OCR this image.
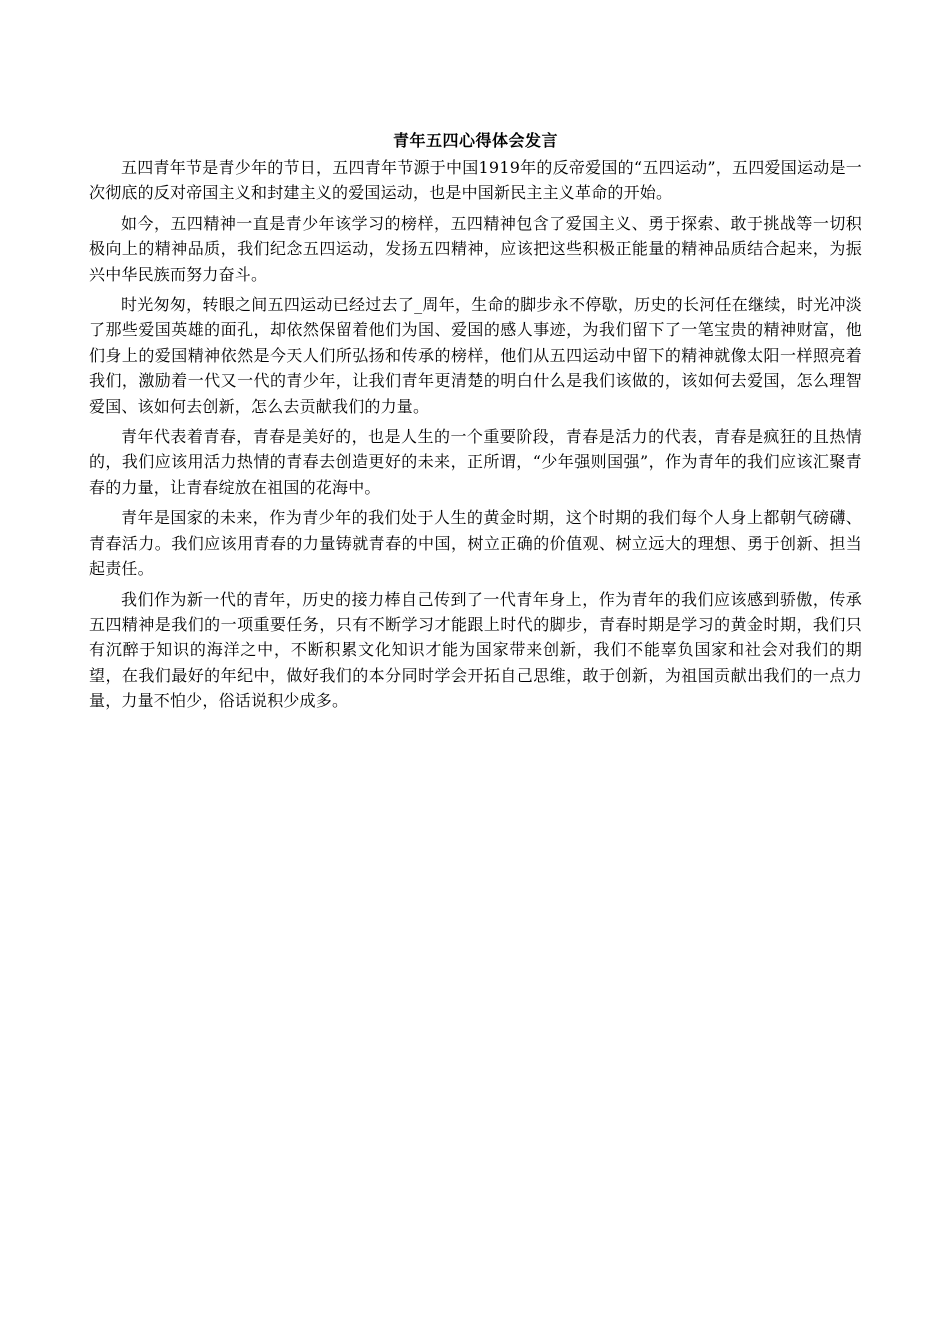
青年五四心得体会发言

五四青年节是青少年的节日，五四青年节源于中国1919年的反帝爱国的“五四运动”，五四爱国运动是一次彻底的反对帝国主义和封建主义的爱国运动，也是中国新民主主义革命的开始。

如今，五四精神一直是青少年该学习的榜样，五四精神包含了爱国主义、勇于探索、敢于挑战等一切积极向上的精神品质，我们纪念五四运动，发扬五四精神，应该把这些积极正能量的精神品质结合起来，为振兴中华民族而努力奋斗。

时光匆匆，转眼之间五四运动已经过去了_周年，生命的脚步永不停歇，历史的长河任在继续，时光冲淡了那些爱国英雄的面孔，却依然保留着他们为国、爱国的感人事迹，为我们留下了一笔宝贵的精神财富，他们身上的爱国精神依然是今天人们所弘扬和传承的榜样，他们从五四运动中留下的精神就像太阳一样照亮着我们，激励着一代又一代的青少年，让我们青年更清楚的明白什么是我们该做的，该如何去爱国，怎么理智爱国、该如何去创新，怎么去贡献我们的力量。

青年代表着青春，青春是美好的，也是人生的一个重要阶段，青春是活力的代表，青春是疯狂的且热情的，我们应该用活力热情的青春去创造更好的未来，正所谓，“少年强则国强”，作为青年的我们应该汇聚青春的力量，让青春绽放在祖国的花海中。

青年是国家的未来，作为青少年的我们处于人生的黄金时期，这个时期的我们每个人身上都朝气磅礴、青春活力。我们应该用青春的力量铸就青春的中国，树立正确的价值观、树立远大的理想、勇于创新、担当起责任。

我们作为新一代的青年，历史的接力棒自己传到了一代青年身上，作为青年的我们应该感到骄傲，传承五四精神是我们的一项重要任务，只有不断学习才能跟上时代的脚步，青春时期是学习的黄金时期，我们只有沉醉于知识的海洋之中，不断积累文化知识才能为国家带来创新，我们不能辜负国家和社会对我们的期望，在我们最好的年纪中，做好我们的本分同时学会开拓自己思维，敢于创新，为祖国贡献出我们的一点力量，力量不怕少，俗话说积少成多。
